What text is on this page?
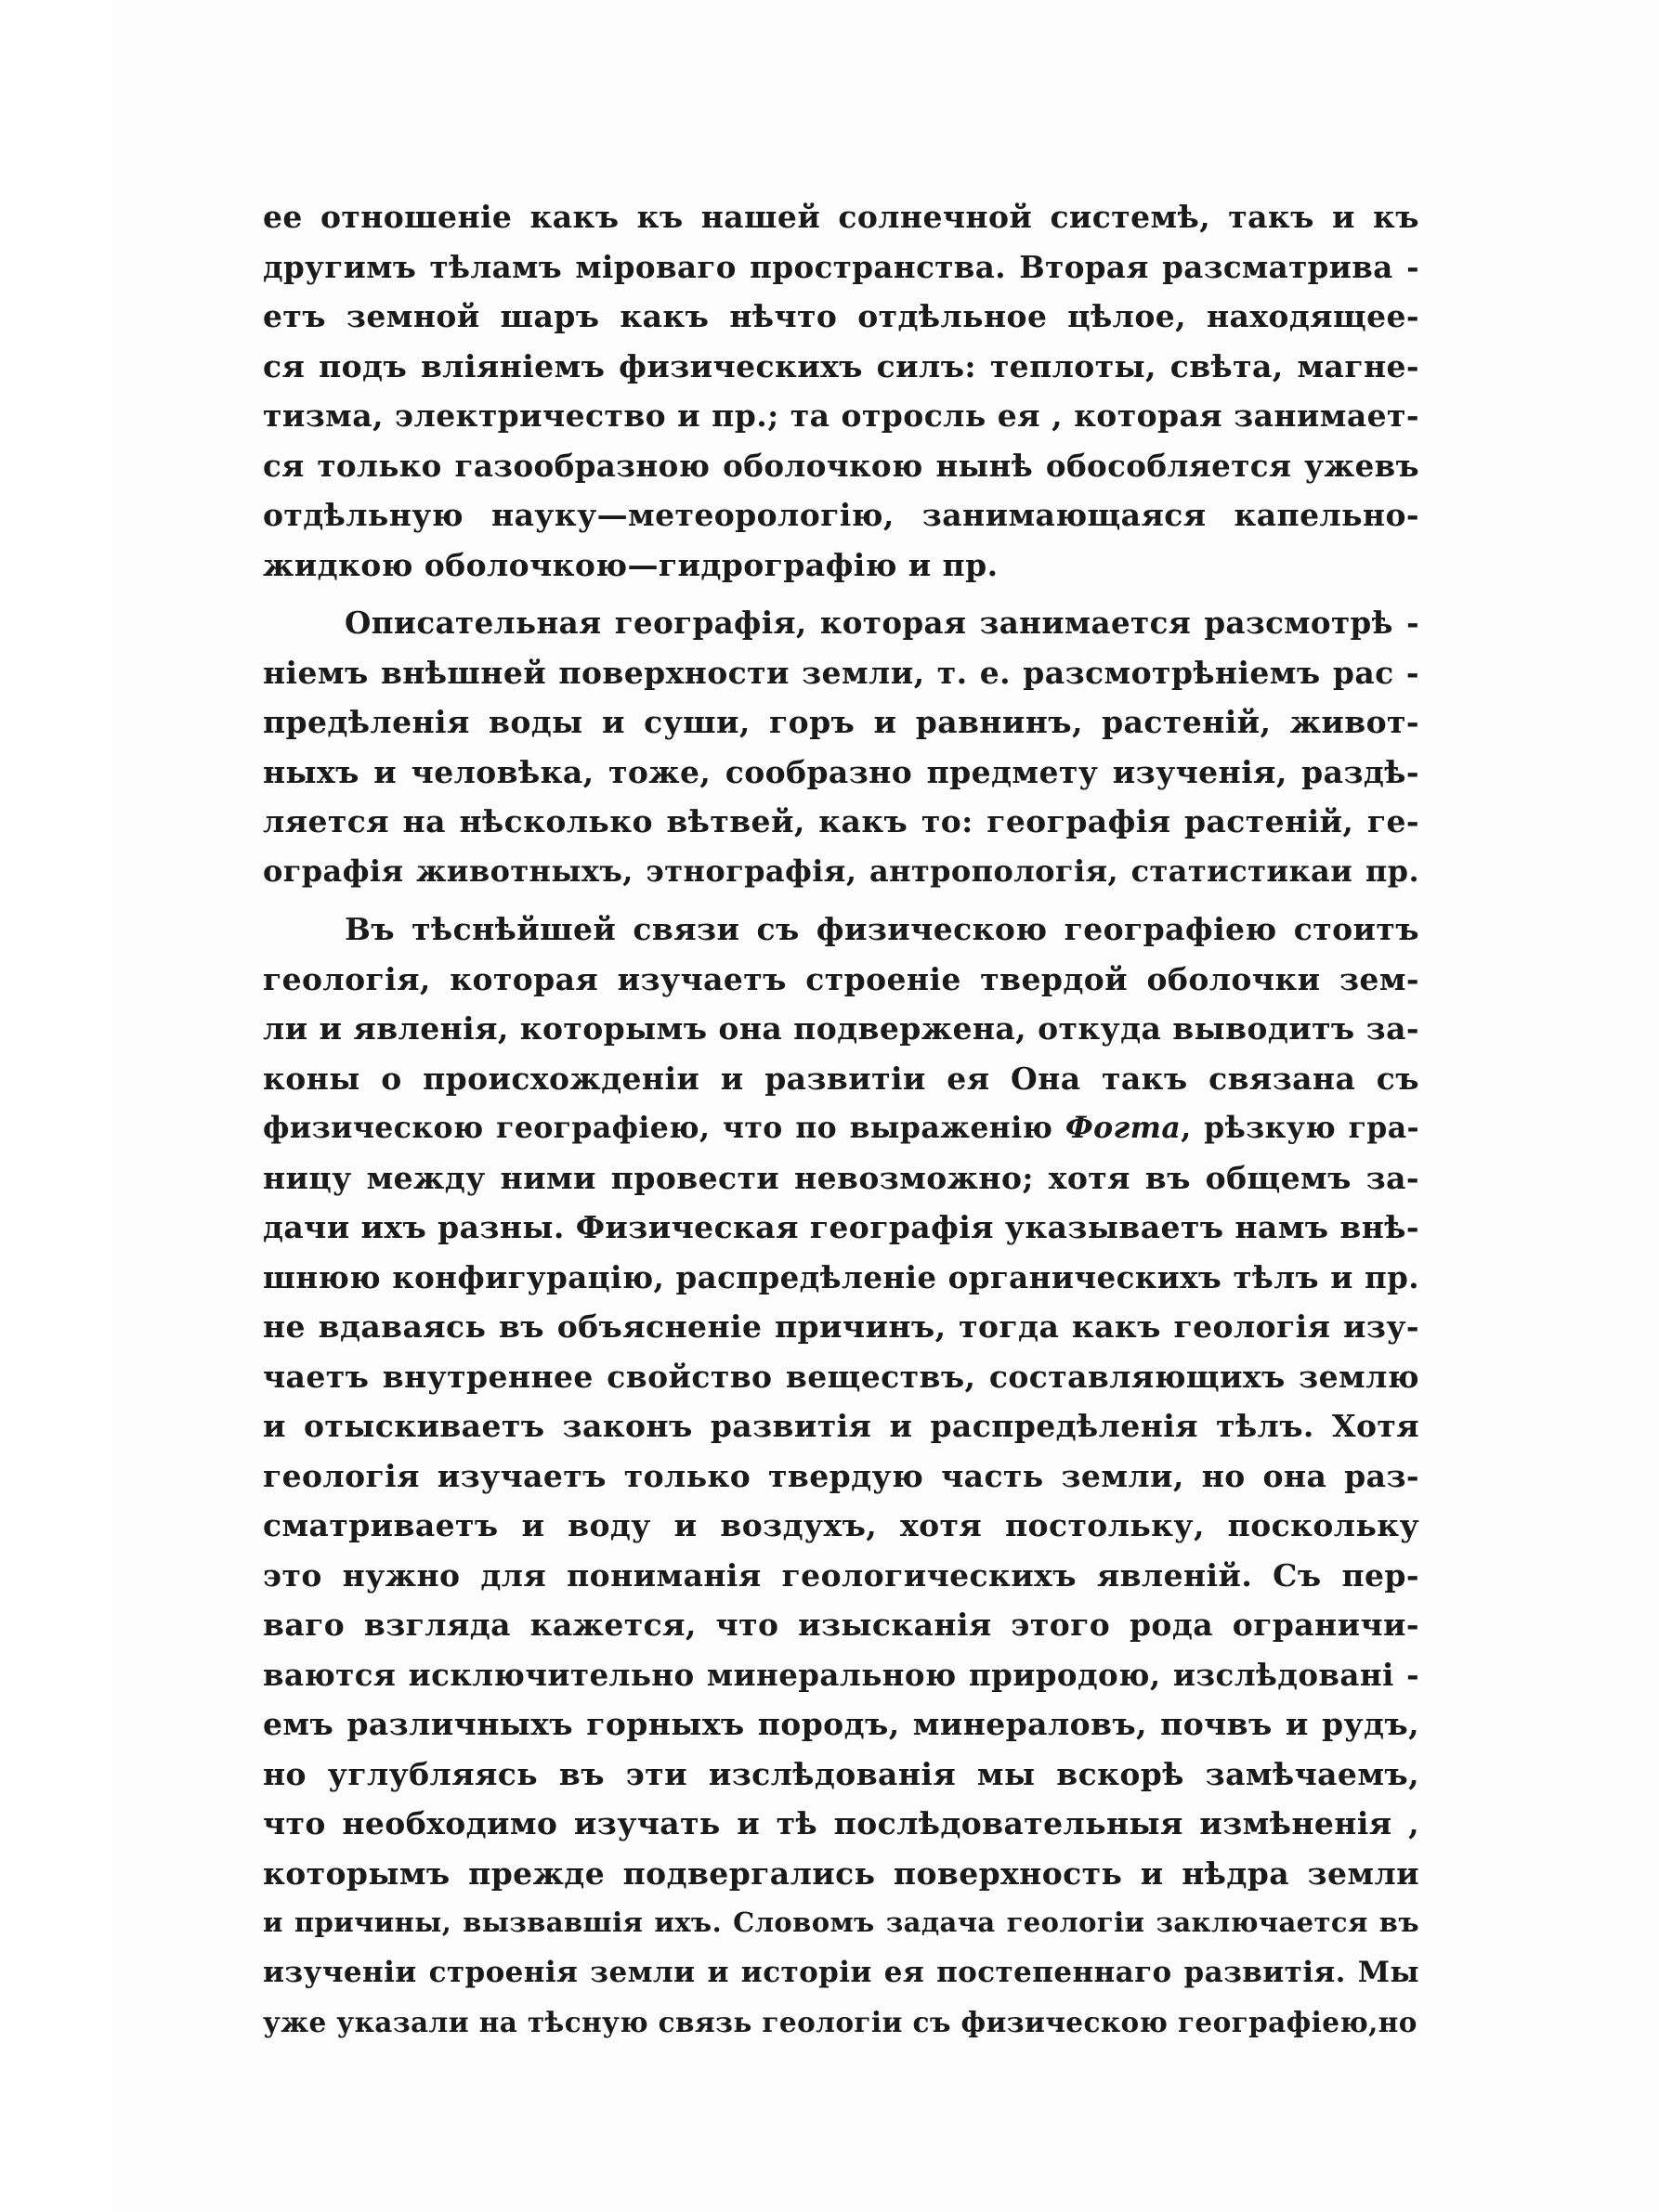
ее отношеніе какъ къ нашей солнечной системѣ, такъ и къ
другимъ тѣламъ міроваго пространства. Вторая разсматрива -
етъ земной шаръ какъ нѣчто отдѣльное цѣлое, находящее-
ся подъ вліяніемъ физическихъ силъ: теплоты, свѣта, магне-
тизма, электричество и пр.; та отросль ея , которая занимает-
ся только газообразною оболочкою нынѣ обособляется ужевъ
отдѣльную науку—метеорологію, занимающаяся капельно-
жидкою оболочкою—гидрографію и пр.
Описательная географія, которая занимается разсмотрѣ -
ніемъ внѣшней поверхности земли, т. е. разсмотрѣніемъ рас -
предѣленія воды и суши, горъ и равнинъ, растеній, живот-
ныхъ и человѣка, тоже, сообразно предмету изученія, раздѣ-
ляется на нѣсколько вѣтвей, какъ то: географія растеній, ге-
ографія животныхъ, этнографія, антропологія, статистикаи пр.
Въ тѣснѣйшей связи съ физическою географіею стоитъ
геологія, которая изучаетъ строеніе твердой оболочки зем-
ли и явленія, которымъ она подвержена, откуда выводитъ за-
коны о происхожденіи и развитіи ея Она такъ связана съ
физическою географіею, что по выраженію Фогта, рѣзкую гра-
ницу между ними провести невозможно; хотя въ общемъ за-
дачи ихъ разны. Физическая географія указываетъ намъ внѣ-
шнюю конфигурацію, распредѣленіе органическихъ тѣлъ и пр.
не вдаваясь въ объясненіе причинъ, тогда какъ геологія изу-
чаетъ внутреннее свойство веществъ, составляющихъ землю
и отыскиваетъ законъ развитія и распредѣленія тѣлъ. Хотя
геологія изучаетъ только твердую часть земли, но она раз-
сматриваетъ и воду и воздухъ, хотя постольку, поскольку
это нужно для пониманія геологическихъ явленій. Съ пер-
ваго взгляда кажется, что изысканія этого рода ограничи-
ваются исключительно минеральною природою, изслѣдовані -
емъ различныхъ горныхъ породъ, минераловъ, почвъ и рудъ,
но углубляясь въ эти изслѣдованія мы вскорѣ замѣчаемъ,
что необходимо изучать и тѣ послѣдовательныя измѣненія ,
которымъ прежде подвергались поверхность и нѣдра земли
и причины, вызвавшія ихъ. Словомъ задача геологіи заключается въ
изученіи строенія земли и исторіи ея постепеннаго развитія. Мы
уже указали на тѣсную связь геологіи съ физическою географіею,но
